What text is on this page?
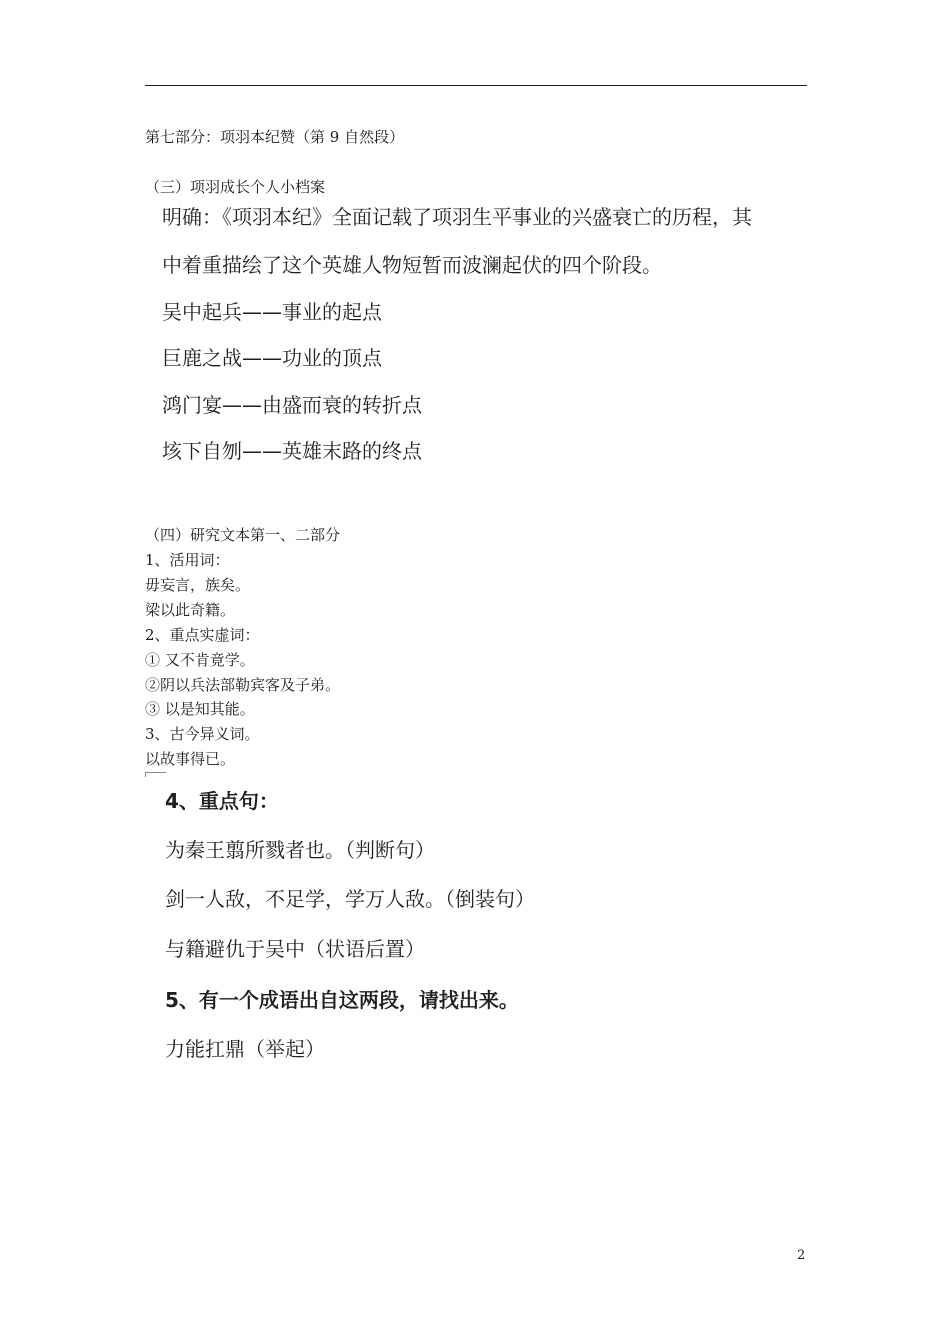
第七部分：项羽本纪赞（第 9 自然段）
（三）项羽成长个人小档案
明确：《项羽本纪》全面记载了项羽生平事业的兴盛衰亡的历程，其
中着重描绘了这个英雄人物短暂而波澜起伏的四个阶段。
吴中起兵——事业的起点
巨鹿之战——功业的顶点
鸿门宴——由盛而衰的转折点
垓下自刎——英雄末路的终点
（四）研究文本第一、二部分
1、活用词：
毋妄言，族矣。
梁以此奇籍。
2、重点实虚词：
① 又不肯竟学。
②阴以兵法部勒宾客及子弟。
③ 以是知其能。
3、古今异义词。
以故事得已。
4、重点句：
为秦王翦所戮者也。（判断句）
剑一人敌，不足学，学万人敌。（倒装句）
与籍避仇于吴中（状语后置）
5、有一个成语出自这两段，请找出来。
力能扛鼎（举起）
2
